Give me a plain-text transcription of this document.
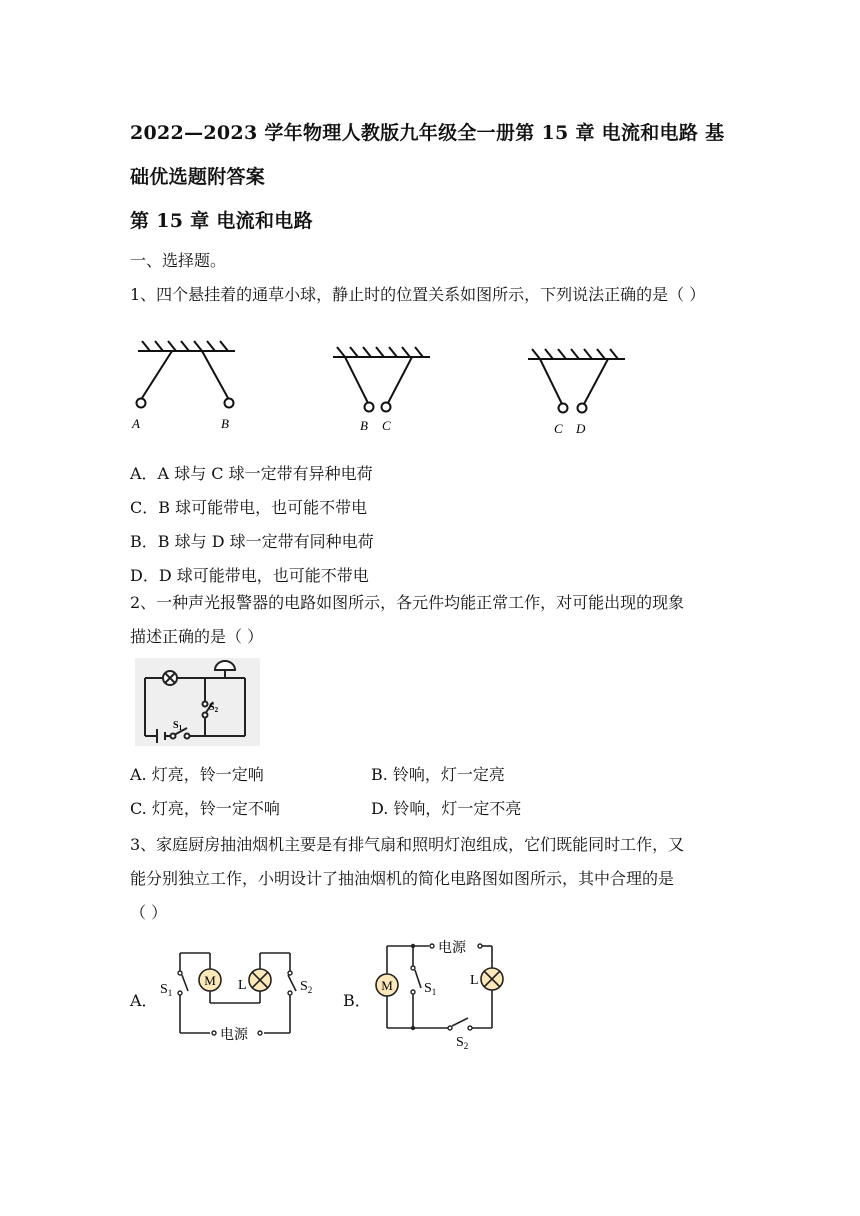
2022—2023 学年物理人教版九年级全一册第 15 章 电流和电路 基
础优选题附答案
第 15 章 电流和电路
一、选择题。
1、四个悬挂着的通草小球，静止时的位置关系如图所示，下列说法正确的是（ ）
A	B	B C	C D
A．A 球与 C 球一定带有异种电荷
C．B 球可能带电，也可能不带电
B．B 球与 D 球一定带有同种电荷
D．D 球可能带电，也可能不带电
2、一种声光报警器的电路如图所示，各元件均能正常工作，对可能出现的现象
描述正确的是（ ）
$S_2$
$S_1$
A. 灯亮，铃一定响	B. 铃响，灯一定亮
C. 灯亮，铃一定不响	D. 铃响，灯一定不亮
3、家庭厨房抽油烟机主要是有排气扇和照明灯泡组成，它们既能同时工作，又
能分别独立工作，小明设计了抽油烟机的简化电路图如图所示，其中合理的是
（ ）
A．	B．
M
$S_1$	L	$S_2$
电源
M
电源
$S_1$
L
$S_2$
